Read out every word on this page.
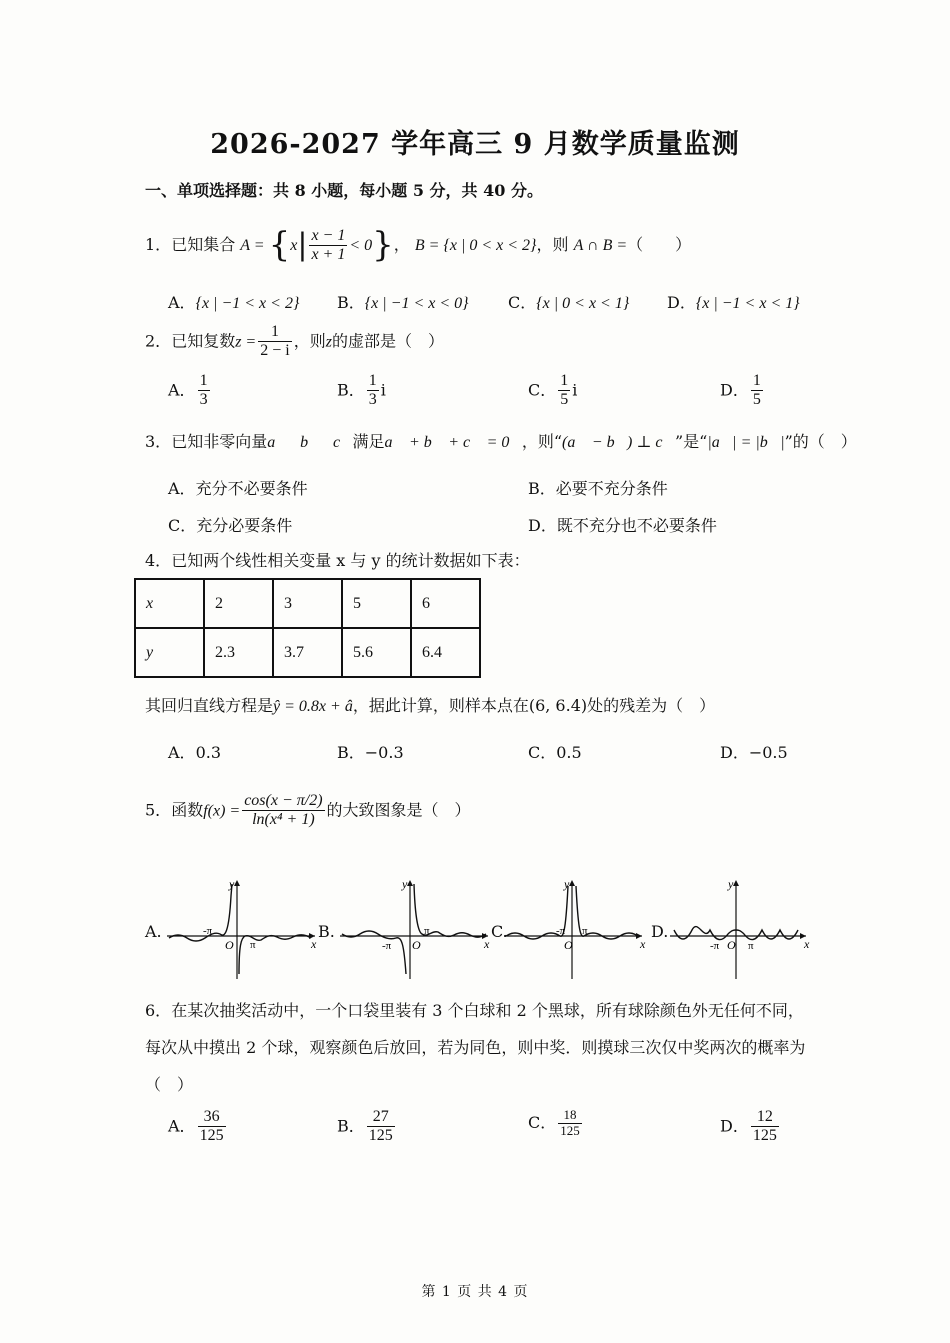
2026-2027 学年高三 9 月数学质量监测
一、单项选择题：共 8 小题，每小题 5 分，共 40 分。
1．已知集合 $A = \{x| \frac{x - 1}{x + 1} < 0\}$， B = {x | 0 < x < 2}，则 A ∩ B =（　　）
A．{x | −1 < x < 2} B．{x | −1 < x < 0} C．{x | 0 < x < 1} D．{x | −1 < x < 1}
2．已知复数$z = \frac{1}{2 - i}$ ，则z的虚部是（　）
A． $\frac{1}{3}$	B． $\frac{1}{3}$ i	C． $\frac{1}{5}$ i	D． $\frac{1}{5}$
3．已知非零向量a⃗，b⃗，c⃗满足a⃗ + b⃗ + c⃗ = 0⃗，则“(a⃗ − b⃗) ⊥ c⃗”是“|a⃗| = |b⃗|”的（　）
A．充分不必要条件	B．必要不充分条件
C．充分必要条件	D．既不充分也不必要条件
4．已知两个线性相关变量 x 与 y 的统计数据如下表：
x	2	3	5	6
y	2.3	3.7	5.6	6.4
其回归直线方程是ŷ = 0.8x + â，据此计算，则样本点在(6, 6.4)处的残差为（　）
A．0.3	B．−0.3	C．0.5	D．−0.5
5．函数$f(x) = \frac{\cos(x - \pi/2)}{\text{ln(x⁴ + 1)}}$ 的大致图象是（　）
A.	B.	C.	D.
y
x
O
-π
π
y
x
O
-π
π
y
x
O
-π π
y
x
O
-π	π
6．在某次抽奖活动中，一个口袋里装有 3 个白球和 2 个黑球，所有球除颜色外无任何不同，每次从中摸出 2 个球，观察颜色后放回，若为同色，则中奖．则摸球三次仅中奖两次的概率为（　）
A． $\frac{36}{125}$	B． $\frac{27}{125}$	C． $\frac{18}{125}$	D． $\frac{12}{125}$
第 1 页 共 4 页
